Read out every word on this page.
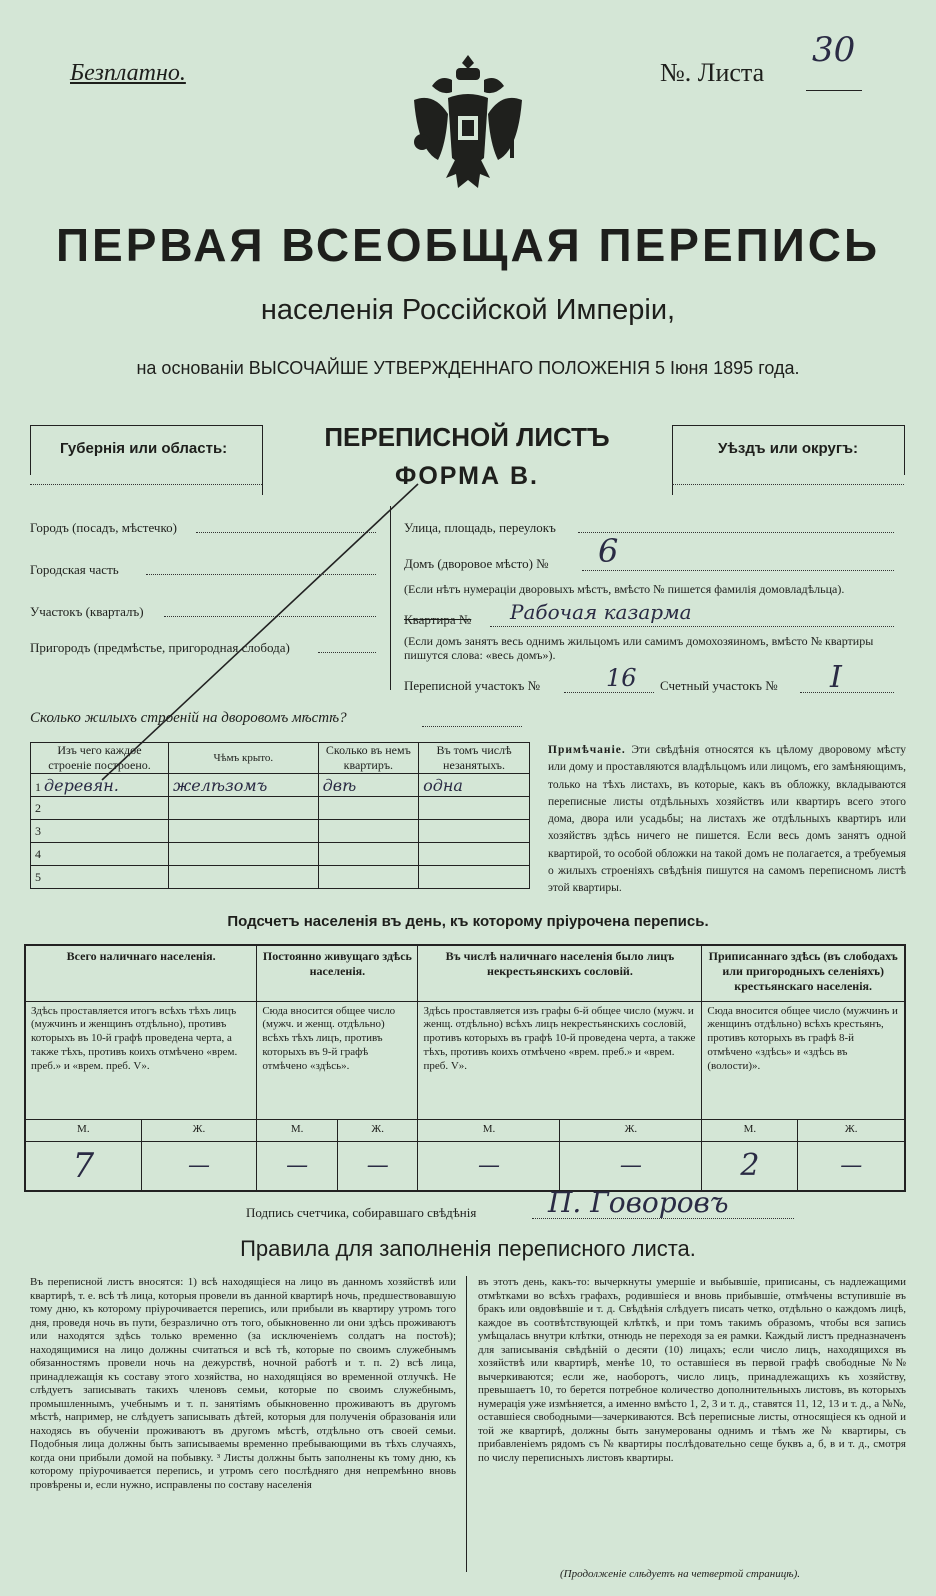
Безплатно.	№. Листа
30
ПЕРВАЯ ВСЕОБЩАЯ ПЕРЕПИСЬ
населенія Россійской Имперіи,
на основаніи ВЫСОЧАЙШЕ УТВЕРЖДЕННАГО ПОЛОЖЕНІЯ 5 Іюня 1895 года.
Губернія или область:	ПЕРЕПИСНОЙ ЛИСТЪ
ФОРМА В.
Уѣздъ или округъ:
Городъ (посадъ, мѣстечко)
Городская часть
Участокъ (кварталъ)
Пригородъ (предмѣстье, пригородная слобода)
Улица, площадь, переулокъ
Домъ (дворовое мѣсто) № 6
(Если нѣтъ нумераціи дворовыхъ мѣстъ, вмѣсто № пишется фамилія домовладѣльца).
Квартира № Рабочая казарма
(Если домъ занятъ весь однимъ жильцомъ или самимъ домохозяиномъ, вмѣсто № квартиры пишутся слова: «весь домъ»).
Переписной участокъ №	16 Счетный участокъ № I
Сколько жилыхъ строеній на дворовомъ мѣстѣ?
Изъ чего каждое строеніе построено.	Чѣмъ крыто.	Сколько въ немъ квартиръ.	Въ томъ числѣ незанятыхъ.
1 деревян.	желѣзомъ	двѣ	одна
2			
3			
4			
5			
Примѣчаніе. Эти свѣдѣнія относятся къ цѣлому дворовому мѣсту или дому и проставляются владѣльцомъ или лицомъ, его замѣняющимъ, только на тѣхъ листахъ, въ которые, какъ въ обложку, вкладываются переписные листы отдѣльныхъ хозяйствъ или квартиръ всего этого дома, двора или усадьбы; на листахъ же отдѣльныхъ квартиръ или хозяйствъ здѣсь ничего не пишется. Если весь домъ занятъ одной квартирой, то особой обложки на такой домъ не полагается, а требуемыя о жилыхъ строеніяхъ свѣдѣнія пишутся на самомъ переписномъ листѣ этой квартиры.
Подсчетъ населенія въ день, къ которому пріурочена перепись.
Всего наличнаго населенія.		Постоянно живущаго здѣсь населенія.		Въ числѣ наличнаго населенія было лицъ некрестьянскихъ сословій.		Приписаннаго здѣсь (въ слободахъ или пригородныхъ селеніяхъ) крестьянскаго населенія.	
Здѣсь проставляется итогъ всѣхъ тѣхъ лицъ (мужчинъ и женщинъ отдѣльно), противъ которыхъ въ 10-й графѣ проведена черта, а также тѣхъ, противъ коихъ отмѣчено «врем. преб.» и «врем. преб. V».		Сюда вносится общее число (мужч. и женщ. отдѣльно) всѣхъ тѣхъ лицъ, противъ которыхъ въ 9-й графѣ отмѣчено «здѣсь».		Здѣсь проставляется изъ графы 6-й общее число (мужч. и женщ. отдѣльно) всѣхъ лицъ некрестьянскихъ сословій, противъ которыхъ въ графѣ 10-й проведена черта, а также тѣхъ, противъ коихъ отмѣчено «врем. преб.» и «врем. преб. V».		Сюда вносится общее число (мужчинъ и женщинъ отдѣльно) всѣхъ крестьянъ, противъ которыхъ въ графѣ 8-й отмѣчено «здѣсь» и «здѣсь въ (волости)».	
М.	Ж.	М.	Ж.	М.	Ж.	М.	Ж.
7	—	—	—	—	—	2	—
Подпись счетчика, собиравшаго свѣдѣнія	П. Говоровъ
Правила для заполненія переписного листа.
Въ переписной листъ вносятся: 1) всѣ находящіеся на лицо въ данномъ хозяйствѣ или квартирѣ, т. е. всѣ тѣ лица, которыя провели въ данной квартирѣ ночь, предшествовавшую тому дню, къ которому пріурочивается перепись, или прибыли въ квартиру утромъ того дня, проведя ночь въ пути, безразлично отъ того, обыкновенно ли они здѣсь проживаютъ или находятся здѣсь только временно (за исключеніемъ солдатъ на постоѣ); находящимися на лицо должны считаться и всѣ тѣ, которые по своимъ служебнымъ обязанностямъ провели ночь на дежурствѣ, ночной работѣ и т. п. 2) всѣ лица, принадлежащія къ составу этого хозяйства, но находящіяся во временной отлучкѣ. Не слѣдуетъ записывать такихъ членовъ семьи, которые по своимъ служебнымъ, промышленнымъ, учебнымъ и т. п. занятіямъ обыкновенно проживаютъ въ другомъ мѣстѣ, например, не слѣдуетъ записывать дѣтей, которыя для полученія образованія или находясь въ обученіи проживаютъ въ другомъ мѣстѣ, отдѣльно отъ своей семьи. Подобныя лица должны быть записываемы временно пребывающими въ тѣхъ случаяхъ, когда они прибыли домой на побывку. ³ Листы должны быть заполнены къ тому дню, къ которому пріурочивается перепись, и утромъ сего послѣдняго дня непремѣнно вновь провѣрены и, если нужно, исправлены по составу населенія
въ этотъ день, какъ-то: вычеркнуты умершіе и выбывшіе, приписаны, съ надлежащими отмѣтками во всѣхъ графахъ, родившіеся и вновь прибывшіе, отмѣчены вступившіе въ бракъ или овдовѣвшіе и т. д. Свѣдѣнія слѣдуетъ писать четко, отдѣльно о каждомъ лицѣ, каждое въ соотвѣтствующей клѣткѣ, и при томъ такимъ образомъ, чтобы вся запись умѣщалась внутри клѣтки, отнюдь не переходя за ея рамки. Каждый листъ предназначенъ для записыванія свѣдѣній о десяти (10) лицахъ; если число лицъ, находящихся въ хозяйствѣ или квартирѣ, менѣе 10, то оставшіеся въ первой графѣ свободные №№ вычеркиваются; если же, наоборотъ, число лицъ, принадлежащихъ къ хозяйству, превышаетъ 10, то берется потребное количество дополнительныхъ листовъ, въ которыхъ нумерація уже измѣняется, а именно вмѣсто 1, 2, 3 и т. д., ставятся 11, 12, 13 и т. д., а №№, оставшіеся свободными—зачеркиваются. Всѣ переписные листы, относящіеся къ одной и той же квартирѣ, должны быть занумерованы однимъ и тѣмъ же № квартиры, съ прибавленіемъ рядомъ съ № квартиры послѣдовательно сеще буквъ а, б, в и т. д., смотря по числу переписныхъ листовъ квартиры.
(Продолженіе слѣдуетъ на четвертой страницѣ).
